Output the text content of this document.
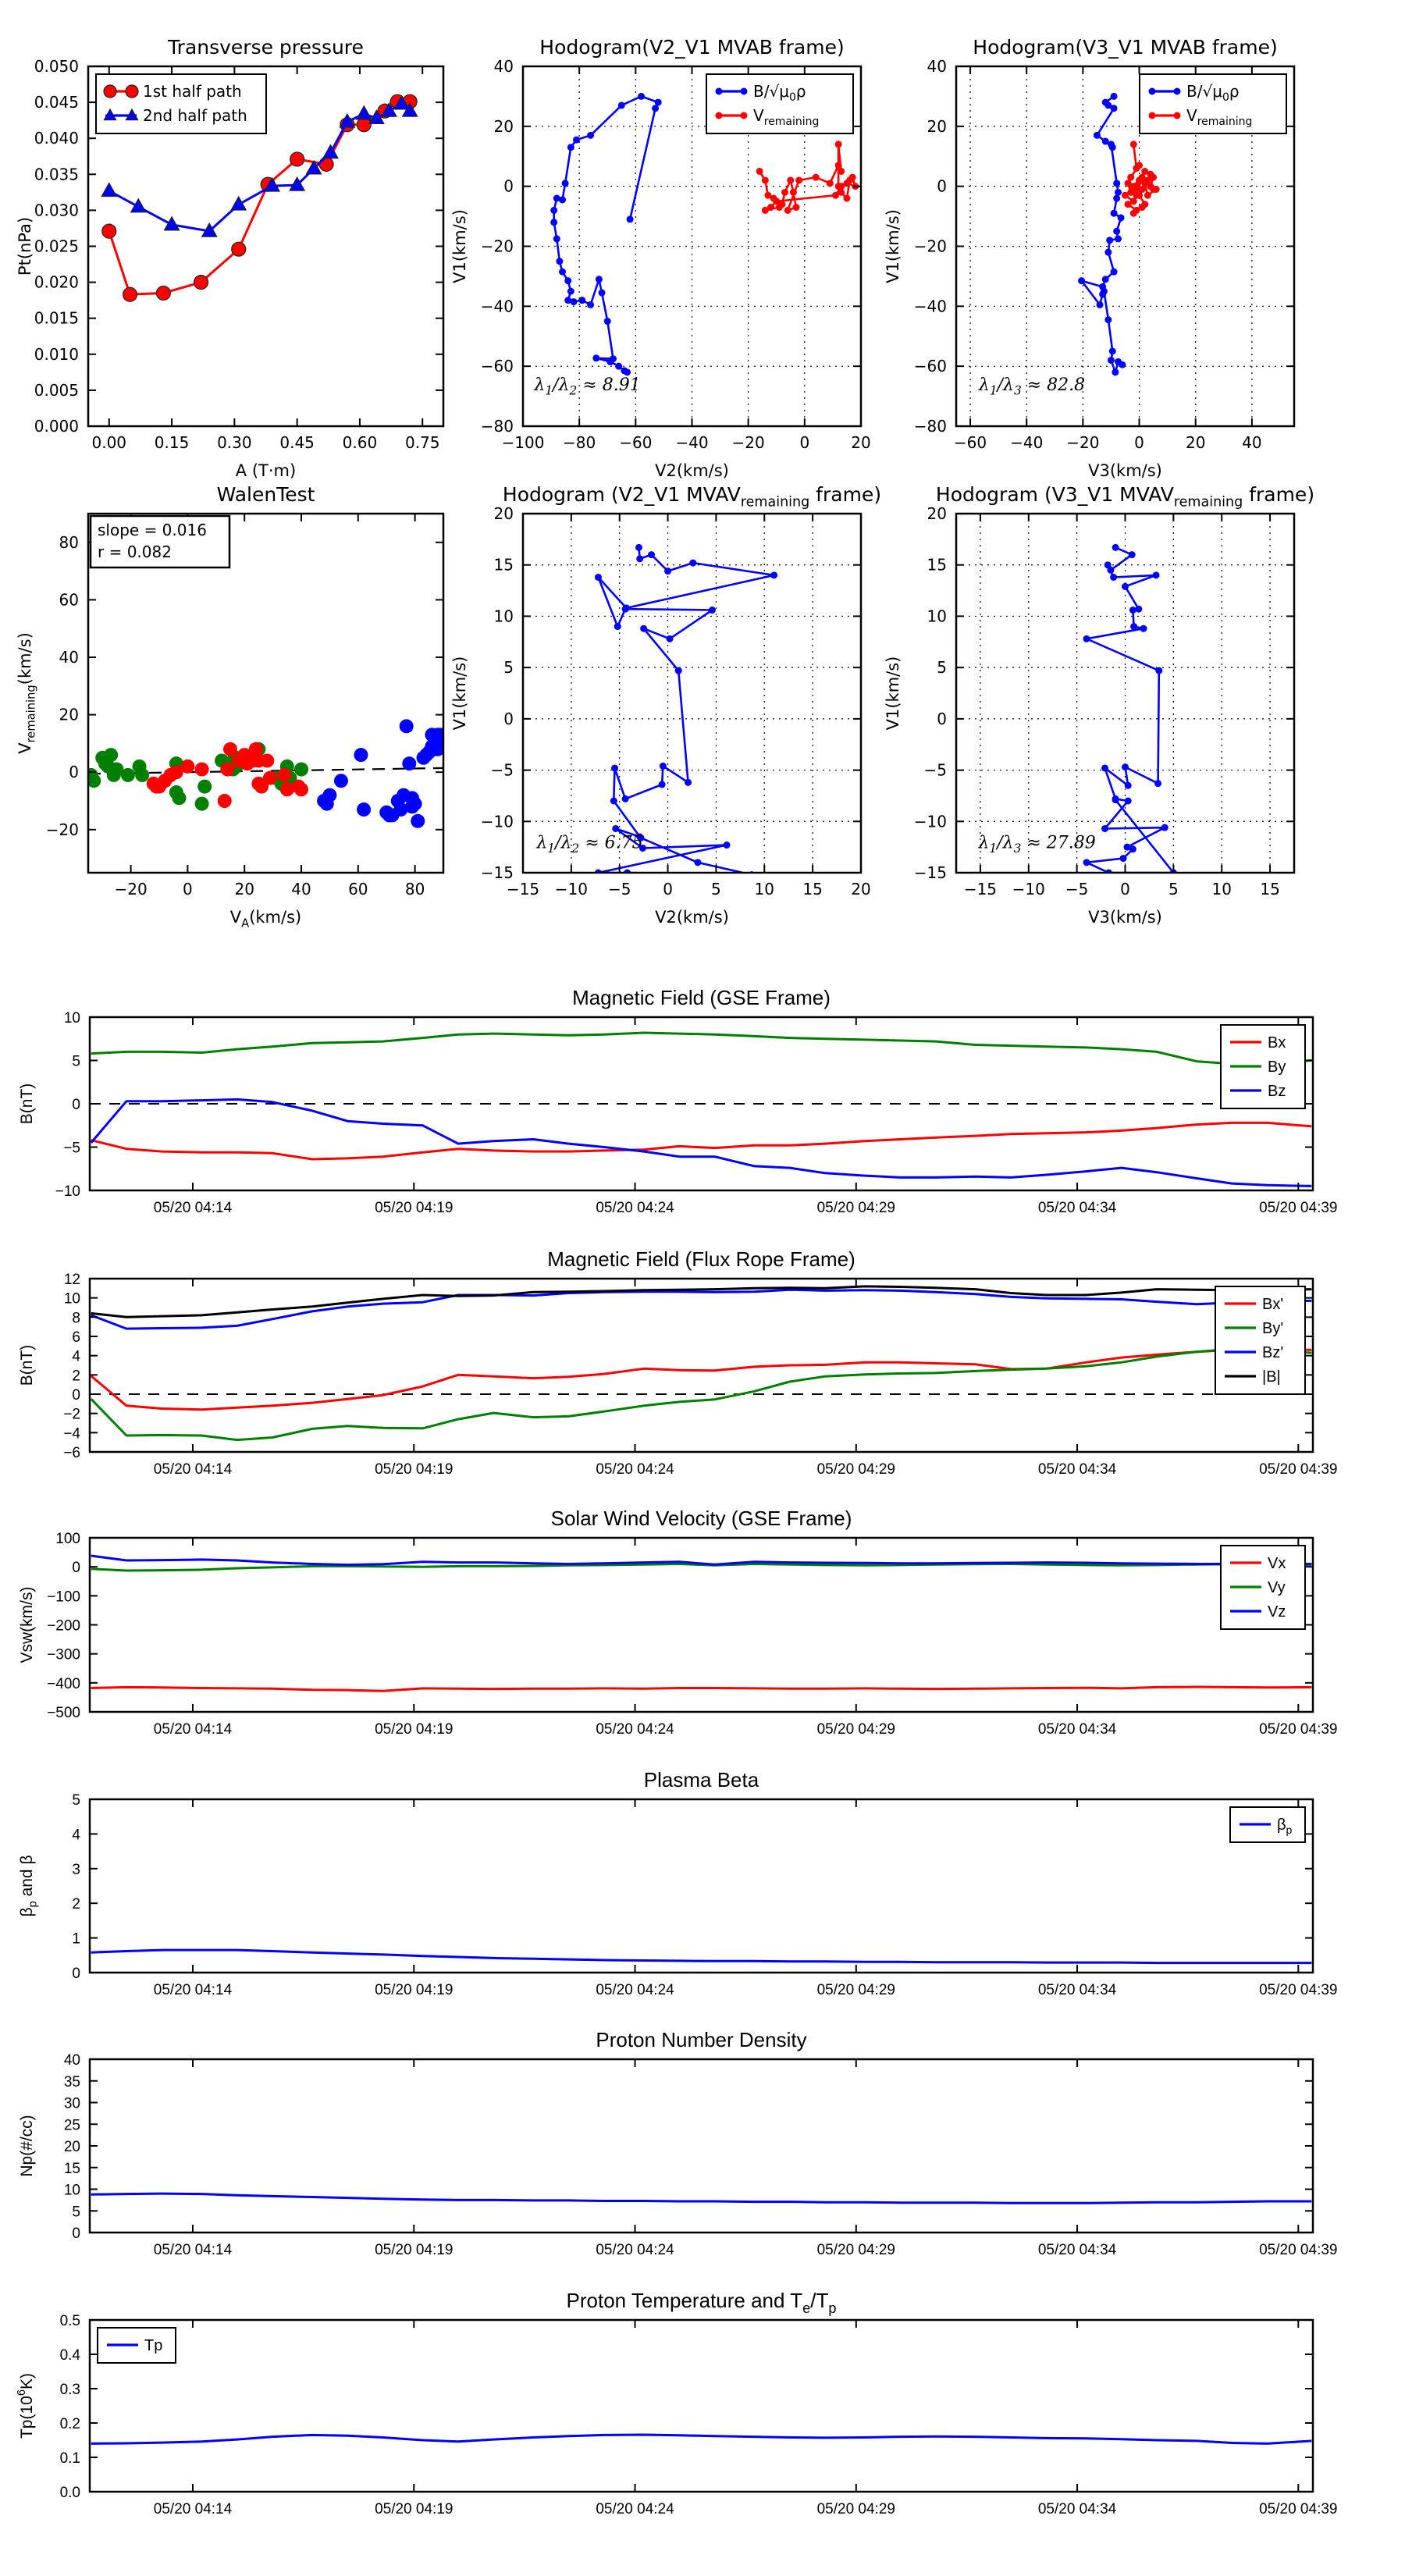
0.00 0.15 0.30 0.45 0.60 0.75
0.000
0.005
0.010
0.015
0.020
0.025
0.030
0.035
0.040
0.045
0.050
A (T·m)
Pt(nPa)
Transverse pressure
1st half path
2nd half path
$\lambda_1/\lambda_2 \approx 8.91$
−100 −80 −60 −40 −20 0	20
−80
−60
−40
−20
0
20
40
V2(km/s)
V1(km/s)
Hodogram(V2_V1 MVAB frame)
$B/√\mu_0\rho$
$V_{remaining}$
$\lambda_1/\lambda_3 \approx 82.8$
−60 −40 −20 0	20 40
−80
−60
−40
−20
0
20
40
V3(km/s)
V1(km/s)
Hodogram(V3_V1 MVAB frame)
$B/√\mu_0\rho$
$V_{remaining}$
−20 0	20 40 60 80
−20
0
20
40
60
80
$V_A(km/s)$
$V_{remaining}(km/s)$
WalenTest
slope = 0.016
r = 0.082
$\lambda_1/\lambda_2 \approx 6.75$
−15 −10 −5 0 5 10 15 20
−15
−10
−5
0
5
10
15
20
V2(km/s)
V1(km/s)
Hodogram (V2_V1 $MVAV_{remaining}$ frame)
$\lambda_1/\lambda_3 \approx 27.89$
−15 −10 −5 0 5 10 15
−15
−10
−5
0
5
10
15
20
V3(km/s)
V1(km/s)
Hodogram (V3_V1 $MVAV_{remaining}$ frame)
05/20 04:14	05/20 04:19	05/20 04:24	05/20 04:29	05/20 04:34	05/20 04:39
−10
−5
0
5
10
B(nT)
Magnetic Field (GSE Frame)
Bx
By
Bz
05/20 04:14	05/20 04:19	05/20 04:24	05/20 04:29	05/20 04:34	05/20 04:39
−6
−4
−2
0
2
4
6
8
10
12
B(nT)
Magnetic Field (Flux Rope Frame)
Bx'
By'
Bz'
|B|
05/20 04:14	05/20 04:19	05/20 04:24	05/20 04:29	05/20 04:34	05/20 04:39
−500
−400
−300
−200
−100
0
100
Vsw(km/s)
Solar Wind Velocity (GSE Frame)
Vx
Vy
Vz
05/20 04:14	05/20 04:19	05/20 04:24	05/20 04:29	05/20 04:34	05/20 04:39
0
1
2
3
4
5
$\beta_p$ and β
Plasma Beta
$\beta_p$
05/20 04:14	05/20 04:19	05/20 04:24	05/20 04:29	05/20 04:34	05/20 04:39
0
5
10
15
20
25
30
35
40
Np(#/cc)
Proton Number Density
05/20 04:14	05/20 04:19	05/20 04:24	05/20 04:29	05/20 04:34	05/20 04:39
0.0
0.1
0.2
0.3
0.4
0.5
$Tp(10^6K)$
Proton Temperature and $T_e/T_p$
Tp
